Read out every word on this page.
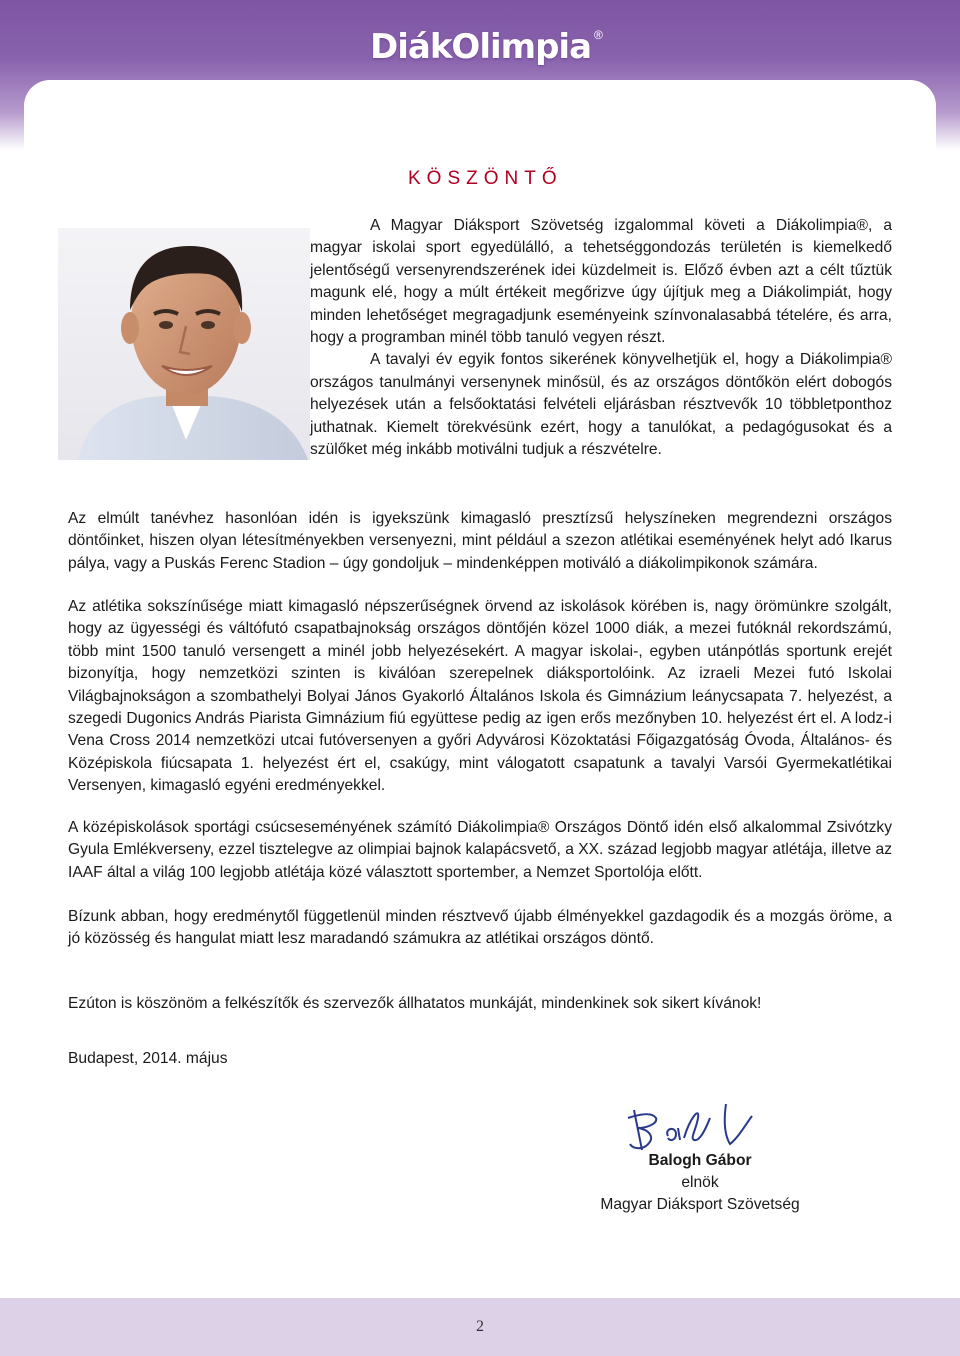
DiákOlimpia ®
KÖSZÖNTŐ

A Magyar Diáksport Szövetség izgalommal követi a Diákolimpia®, a magyar iskolai sport egyedülálló, a tehetséggondozás területén is kiemelkedő jelentőségű versenyrendszerének idei küzdelmeit is. Előző évben azt a célt tűztük magunk elé, hogy a múlt értékeit megőrizve úgy újítjuk meg a Diákolimpiát, hogy minden lehetőséget megragadjunk eseményeink színvonalasabbá tételére, és arra, hogy a programban minél több tanuló vegyen részt.

A tavalyi év egyik fontos sikerének könyvelhetjük el, hogy a Diákolimpia® országos tanulmányi versenynek minősül, és az országos döntőkön elért dobogós helyezések után a felsőoktatási felvételi eljárásban résztvevők 10 többletponthoz juthatnak. Kiemelt törekvésünk ezért, hogy a tanulókat, a pedagógusokat és a szülőket még inkább motiválni tudjuk a részvételre.

Az elmúlt tanévhez hasonlóan idén is igyekszünk kimagasló presztízsű helyszíneken megrendezni országos döntőinket, hiszen olyan létesítményekben versenyezni, mint például a szezon atlétikai eseményének helyt adó Ikarus pálya, vagy a Puskás Ferenc Stadion – úgy gondoljuk – mindenképpen motiváló a diákolimpikonok számára.

Az atlétika sokszínűsége miatt kimagasló népszerűségnek örvend az iskolások körében is, nagy örömünkre szolgált, hogy az ügyességi és váltófutó csapatbajnokság országos döntőjén közel 1000 diák, a mezei futóknál rekordszámú, több mint 1500 tanuló versengett a minél jobb helyezésekért. A magyar iskolai-, egyben utánpótlás sportunk erejét bizonyítja, hogy nemzetközi szinten is kiválóan szerepelnek diáksportolóink. Az izraeli Mezei futó Iskolai Világbajnokságon a szombathelyi Bolyai János Gyakorló Általános Iskola és Gimnázium leánycsapata 7. helyezést, a szegedi Dugonics András Piarista Gimnázium fiú együttese pedig az igen erős mezőnyben 10. helyezést ért el. A lodz-i Vena Cross 2014 nemzetközi utcai futóversenyen a győri Adyvárosi Közoktatási Főigazgatóság Óvoda, Általános- és Középiskola fiúcsapata 1. helyezést ért el, csakúgy, mint válogatott csapatunk a tavalyi Varsói Gyermekatlétikai Versenyen, kimagasló egyéni eredményekkel.

A középiskolások sportági csúcseseményének számító Diákolimpia® Országos Döntő idén első alkalommal Zsivótzky Gyula Emlékverseny, ezzel tisztelegve az olimpiai bajnok kalapácsvető, a XX. század legjobb magyar atlétája, illetve az IAAF által a világ 100 legjobb atlétája közé választott sportember, a Nemzet Sportolója előtt.

Bízunk abban, hogy eredménytől függetlenül minden résztvevő újabb élményekkel gazdagodik és a mozgás öröme, a jó közösség és hangulat miatt lesz maradandó számukra az atlétikai országos döntő.

Ezúton is köszönöm a felkészítők és szervezők állhatatos munkáját, mindenkinek sok sikert kívánok!

Budapest, 2014. május

Balogh Gábor
elnök
Magyar Diáksport Szövetség
2
